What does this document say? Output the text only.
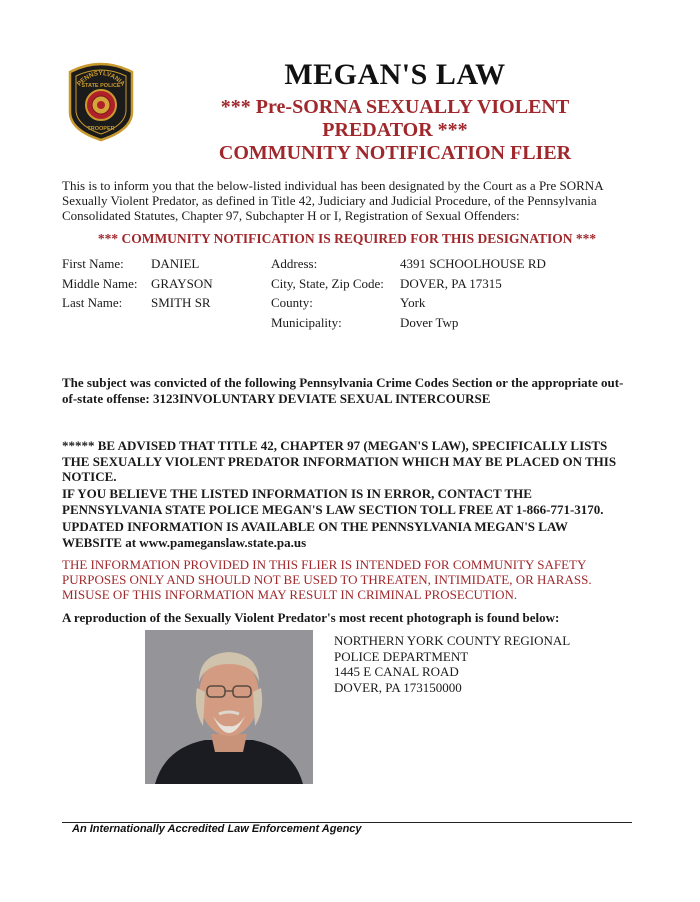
PENNSYLVANIA
STATE POLICE
TROOPER
MEGAN'S LAW
*** Pre-SORNA SEXUALLY VIOLENT
PREDATOR ***
COMMUNITY NOTIFICATION FLIER
This is to inform you that the below-listed individual has been designated by the Court as a Pre SORNA
Sexually Violent Predator, as defined in Title 42, Judiciary and Judicial Procedure, of the Pennsylvania
Consolidated Statutes, Chapter 97, Subchapter H or I, Registration of Sexual Offenders:
*** COMMUNITY NOTIFICATION IS REQUIRED FOR THIS DESIGNATION ***
First Name:
Middle Name:
Last Name:
DANIEL
GRAYSON
SMITH SR
Address:
City, State, Zip Code:
County:
Municipality:
4391 SCHOOLHOUSE RD
DOVER, PA 17315
York
Dover Twp
The subject was convicted of the following Pennsylvania Crime Codes Section or the appropriate out-
of-state offense: 3123INVOLUNTARY DEVIATE SEXUAL INTERCOURSE
***** BE ADVISED THAT TITLE 42, CHAPTER 97 (MEGAN'S LAW), SPECIFICALLY LISTS
THE SEXUALLY VIOLENT PREDATOR INFORMATION WHICH MAY BE PLACED ON THIS
NOTICE.
IF YOU BELIEVE THE LISTED INFORMATION IS IN ERROR, CONTACT THE
PENNSYLVANIA STATE POLICE MEGAN'S LAW SECTION TOLL FREE AT 1-866-771-3170.
UPDATED INFORMATION IS AVAILABLE ON THE PENNSYLVANIA MEGAN'S LAW
WEBSITE at www.pameganslaw.state.pa.us
THE INFORMATION PROVIDED IN THIS FLIER IS INTENDED FOR COMMUNITY SAFETY
PURPOSES ONLY AND SHOULD NOT BE USED TO THREATEN, INTIMIDATE, OR HARASS.
MISUSE OF THIS INFORMATION MAY RESULT IN CRIMINAL PROSECUTION.
A reproduction of the Sexually Violent Predator's most recent photograph is found below:
NORTHERN YORK COUNTY REGIONAL
POLICE DEPARTMENT
1445 E CANAL ROAD
DOVER, PA 173150000
An Internationally Accredited Law Enforcement Agency
